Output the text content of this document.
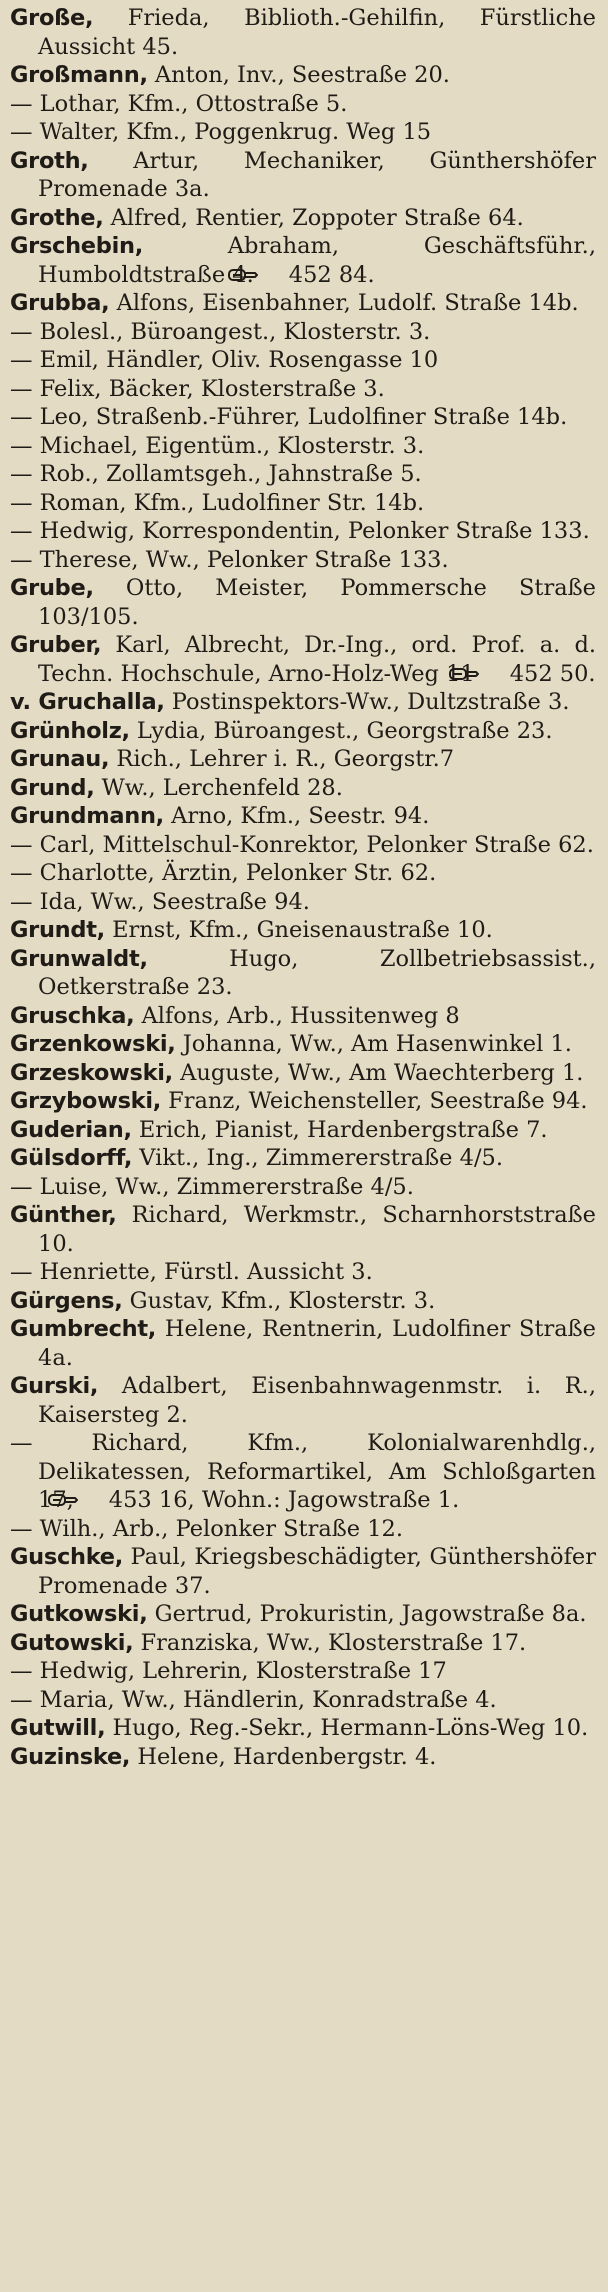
Große, Frieda, Biblioth.-Gehilfin, Fürstliche Aussicht 45.

Großmann, Anton, Inv., Seestraße 20.

— Lothar, Kfm., Ottostraße 5.

— Walter, Kfm., Poggenkrug. Weg 15

Groth, Artur, Mechaniker, Günthershöfer Promenade 3a.

Grothe, Alfred, Rentier, Zoppoter Straße 64.

Grschebin, Abraham, Geschäftsführ., Humboldtstraße 4. 452 84.

Grubba, Alfons, Eisenbahner, Ludolf. Straße 14b.

— Bolesl., Büroangest., Klosterstr. 3.

— Emil, Händler, Oliv. Rosengasse 10

— Felix, Bäcker, Klosterstraße 3.

— Leo, Straßenb.-Führer, Ludolfiner Straße 14b.

— Michael, Eigentüm., Klosterstr. 3.

— Rob., Zollamtsgeh., Jahnstraße 5.

— Roman, Kfm., Ludolfiner Str. 14b.

— Hedwig, Korrespondentin, Pelonker Straße 133.

— Therese, Ww., Pelonker Straße 133.

Grube, Otto, Meister, Pommersche Straße 103/105.

Gruber, Karl, Albrecht, Dr.-Ing., ord. Prof. a. d. Techn. Hochschule, Arno-Holz-Weg 11 452 50.

v. Gruchalla, Postinspektors-Ww., Dultzstraße 3.

Grünholz, Lydia, Büroangest., Georgstraße 23.

Grunau, Rich., Lehrer i. R., Georgstr.7

Grund, Ww., Lerchenfeld 28.

Grundmann, Arno, Kfm., Seestr. 94.

— Carl, Mittelschul-Konrektor, Pelonker Straße 62.

— Charlotte, Ärztin, Pelonker Str. 62.

— Ida, Ww., Seestraße 94.

Grundt, Ernst, Kfm., Gneisenaustraße 10.

Grunwaldt, Hugo, Zollbetriebsassist., Oetkerstraße 23.

Gruschka, Alfons, Arb., Hussitenweg 8

Grzenkowski, Johanna, Ww., Am Hasenwinkel 1.

Grzeskowski, Auguste, Ww., Am Waechterberg 1.

Grzybowski, Franz, Weichensteller, Seestraße 94.

Guderian, Erich, Pianist, Hardenbergstraße 7.

Gülsdorff, Vikt., Ing., Zimmererstraße 4/5.

— Luise, Ww., Zimmererstraße 4/5.

Günther, Richard, Werkmstr., Scharnhorststraße 10.

— Henriette, Fürstl. Aussicht 3.

Gürgens, Gustav, Kfm., Klosterstr. 3.

Gumbrecht, Helene, Rentnerin, Ludolfiner Straße 4a.

Gurski, Adalbert, Eisenbahnwagenmstr. i. R., Kaisersteg 2.

— Richard, Kfm., Kolonialwarenhdlg., Delikatessen, Reformartikel, Am Schloßgarten 17, 453 16, Wohn.: Jagowstraße 1.

— Wilh., Arb., Pelonker Straße 12.

Guschke, Paul, Kriegsbeschädigter, Günthershöfer Promenade 37.

Gutkowski, Gertrud, Prokuristin, Jagowstraße 8a.

Gutowski, Franziska, Ww., Klosterstraße 17.

— Hedwig, Lehrerin, Klosterstraße 17

— Maria, Ww., Händlerin, Konradstraße 4.

Gutwill, Hugo, Reg.-Sekr., Hermann-Löns-Weg 10.

Guzinske, Helene, Hardenbergstr. 4.
